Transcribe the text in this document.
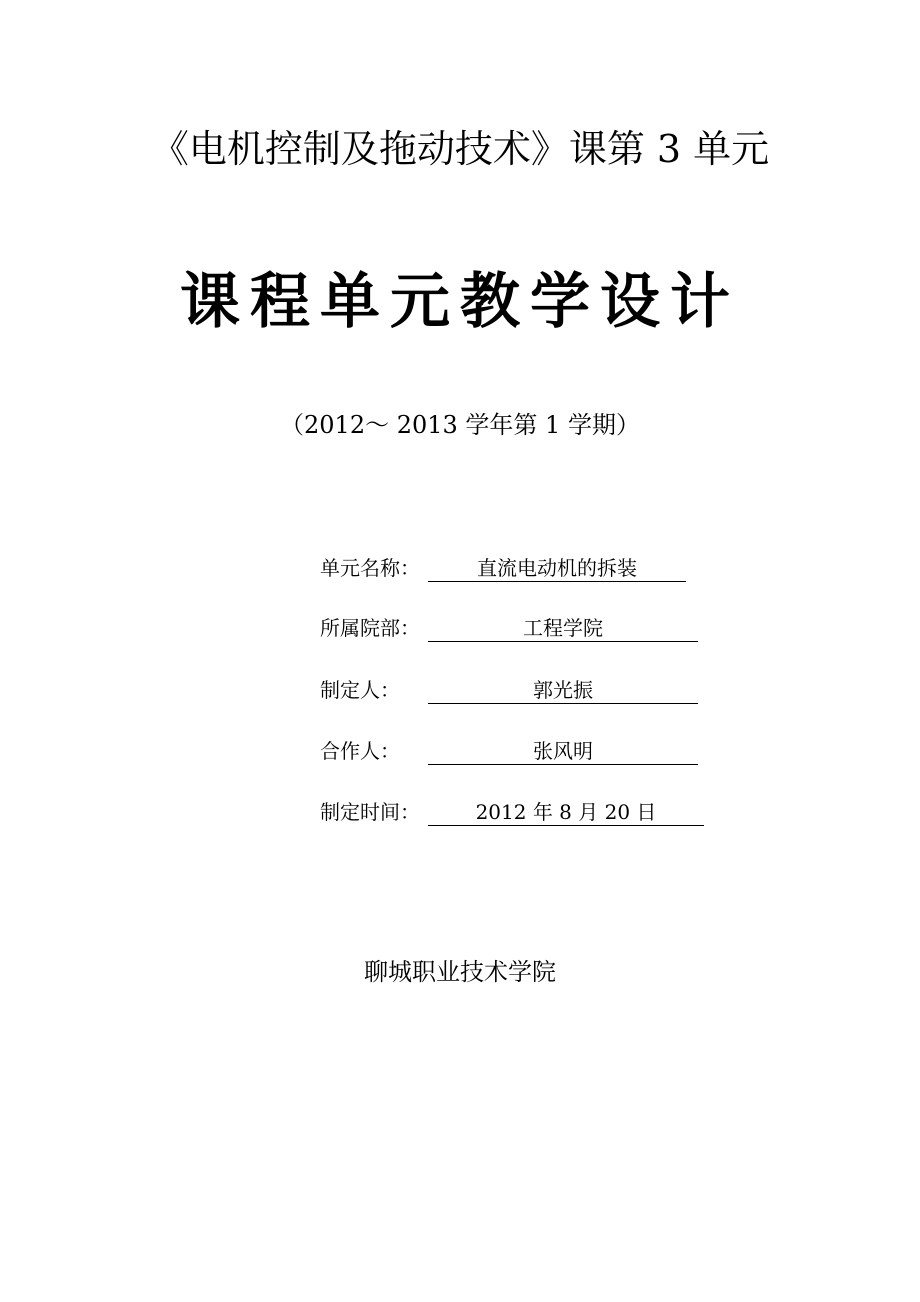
《电机控制及拖动技术》课第 3 单元
课程单元教学设计
（2012～ 2013 学年第 1 学期）
单元名称：	直流电动机的拆装
所属院部：	工程学院
制定人：	郭光振
合作人：	张风明
制定时间：	2012 年 8 月 20 日
聊城职业技术学院
